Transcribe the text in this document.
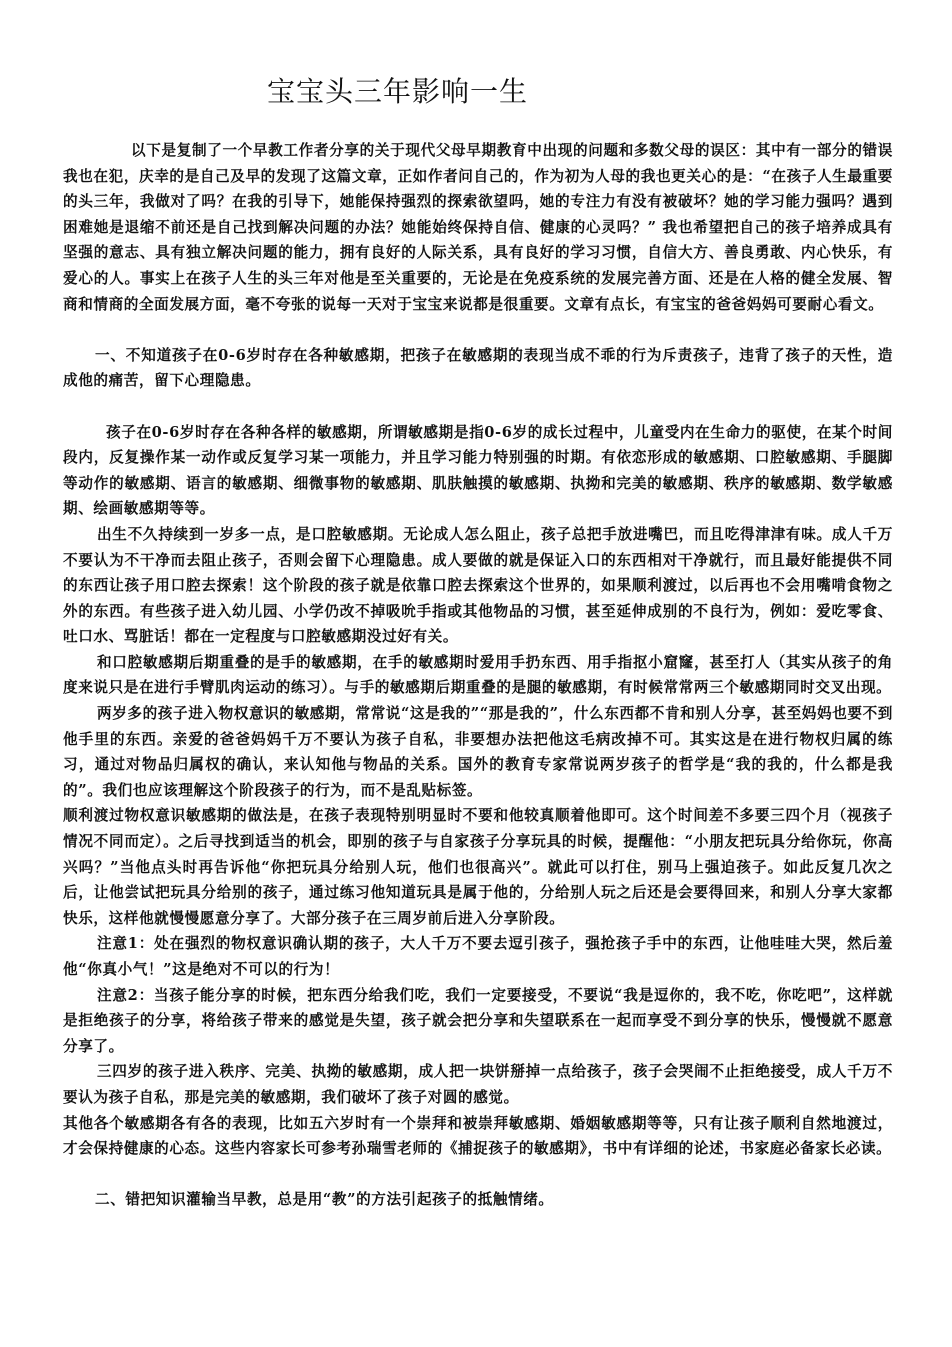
宝宝头三年影响一生

以下是复制了一个早教工作者分享的关于现代父母早期教育中出现的问题和多数父母的误区：其中有一部分的错误我也在犯，庆幸的是自己及早的发现了这篇文章，正如作者问自己的，作为初为人母的我也更关心的是：“在孩子人生最重要的头三年，我做对了吗？在我的引导下，她能保持强烈的探索欲望吗，她的专注力有没有被破坏？她的学习能力强吗？遇到困难她是退缩不前还是自己找到解决问题的办法？她能始终保持自信、健康的心灵吗？” 我也希望把自己的孩子培养成具有坚强的意志、具有独立解决问题的能力，拥有良好的人际关系，具有良好的学习习惯，自信大方、善良勇敢、内心快乐，有爱心的人。事实上在孩子人生的头三年对他是至关重要的，无论是在免疫系统的发展完善方面、还是在人格的健全发展、智商和情商的全面发展方面，毫不夸张的说每一天对于宝宝来说都是很重要。文章有点长，有宝宝的爸爸妈妈可要耐心看文。

一、不知道孩子在0-6岁时存在各种敏感期，把孩子在敏感期的表现当成不乖的行为斥责孩子，违背了孩子的天性，造成他的痛苦，留下心理隐患。

孩子在0-6岁时存在各种各样的敏感期，所谓敏感期是指0-6岁的成长过程中，儿童受内在生命力的驱使，在某个时间段内，反复操作某一动作或反复学习某一项能力，并且学习能力特别强的时期。有依恋形成的敏感期、口腔敏感期、手腿脚等动作的敏感期、语言的敏感期、细微事物的敏感期、肌肤触摸的敏感期、执拗和完美的敏感期、秩序的敏感期、数学敏感期、绘画敏感期等等。

出生不久持续到一岁多一点，是口腔敏感期。无论成人怎么阻止，孩子总把手放进嘴巴，而且吃得津津有味。成人千万不要认为不干净而去阻止孩子，否则会留下心理隐患。成人要做的就是保证入口的东西相对干净就行，而且最好能提供不同的东西让孩子用口腔去探索！这个阶段的孩子就是依靠口腔去探索这个世界的，如果顺利渡过，以后再也不会用嘴啃食物之外的东西。有些孩子进入幼儿园、小学仍改不掉吸吮手指或其他物品的习惯，甚至延伸成别的不良行为，例如：爱吃零食、吐口水、骂脏话！都在一定程度与口腔敏感期没过好有关。

和口腔敏感期后期重叠的是手的敏感期，在手的敏感期时爱用手扔东西、用手指抠小窟窿，甚至打人（其实从孩子的角度来说只是在进行手臂肌肉运动的练习）。与手的敏感期后期重叠的是腿的敏感期，有时候常常两三个敏感期同时交叉出现。

两岁多的孩子进入物权意识的敏感期，常常说“这是我的”“那是我的”，什么东西都不肯和别人分享，甚至妈妈也要不到他手里的东西。亲爱的爸爸妈妈千万不要认为孩子自私，非要想办法把他这毛病改掉不可。其实这是在进行物权归属的练习，通过对物品归属权的确认，来认知他与物品的关系。国外的教育专家常说两岁孩子的哲学是“我的我的，什么都是我的”。我们也应该理解这个阶段孩子的行为，而不是乱贴标签。

顺利渡过物权意识敏感期的做法是，在孩子表现特别明显时不要和他较真顺着他即可。这个时间差不多要三四个月（视孩子情况不同而定）。之后寻找到适当的机会，即别的孩子与自家孩子分享玩具的时候，提醒他：“小朋友把玩具分给你玩，你高兴吗？”当他点头时再告诉他“你把玩具分给别人玩，他们也很高兴”。就此可以打住，别马上强迫孩子。如此反复几次之后，让他尝试把玩具分给别的孩子，通过练习他知道玩具是属于他的，分给别人玩之后还是会要得回来，和别人分享大家都快乐，这样他就慢慢愿意分享了。大部分孩子在三周岁前后进入分享阶段。

注意1：处在强烈的物权意识确认期的孩子，大人千万不要去逗引孩子，强抢孩子手中的东西，让他哇哇大哭，然后羞他“你真小气！”这是绝对不可以的行为！

注意2：当孩子能分享的时候，把东西分给我们吃，我们一定要接受，不要说“我是逗你的，我不吃，你吃吧”，这样就是拒绝孩子的分享，将给孩子带来的感觉是失望，孩子就会把分享和失望联系在一起而享受不到分享的快乐，慢慢就不愿意分享了。

三四岁的孩子进入秩序、完美、执拗的敏感期，成人把一块饼掰掉一点给孩子，孩子会哭闹不止拒绝接受，成人千万不要认为孩子自私，那是完美的敏感期，我们破坏了孩子对圆的感觉。

其他各个敏感期各有各的表现，比如五六岁时有一个崇拜和被崇拜敏感期、婚姻敏感期等等，只有让孩子顺利自然地渡过，才会保持健康的心态。这些内容家长可参考孙瑞雪老师的《捕捉孩子的敏感期》，书中有详细的论述，书家庭必备家长必读。

二、错把知识灌输当早教，总是用“教”的方法引起孩子的抵触情绪。
